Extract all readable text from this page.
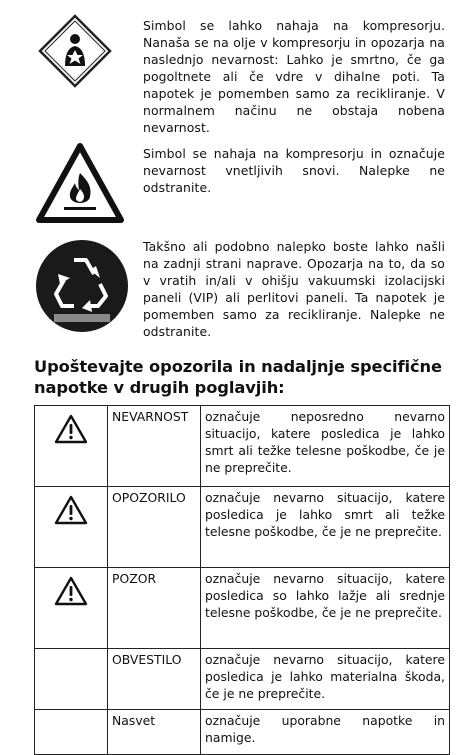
Simbol se lahko nahaja na kompresorju. Nanaša se na olje v kompresorju in opozarja na naslednjo nevarnost: Lahko je smrtno, če ga pogoltnete ali če vdre v dihalne poti. Ta napotek je pomemben samo za recikliranje. V normalnem načinu ne obstaja nobena nevarnost.
Simbol se nahaja na kompresorju in označuje nevarnost vnetljivih snovi. Nalepke ne odstranite.
Takšno ali podobno nalepko boste lahko našli na zadnji strani naprave. Opozarja na to, da so v vratih in/ali v ohišju vakuumski izolacijski paneli (VIP) ali perlitovi paneli. Ta napotek je pomemben samo za recikliranje. Nalepke ne odstranite.
Upoštevajte opozorila in nadaljnje specifične napotke v drugih poglavjih:
	NEVARNOST	označuje neposredno nevarno situacijo, katere posledica je lahko smrt ali težke telesne poškodbe, če je ne preprečite.

	OPOZORILO	označuje nevarno situacijo, katere posledica je lahko smrt ali težke telesne poškodbe, če je ne preprečite.

	POZOR	označuje nevarno situacijo, katere posledica so lahko lažje ali srednje telesne poškodbe, če je ne preprečite.
	OBVESTILO	označuje nevarno situacijo, katere posledica je lahko materialna škoda, če je ne preprečite.
	Nasvet	označuje uporabne napotke in namige.
